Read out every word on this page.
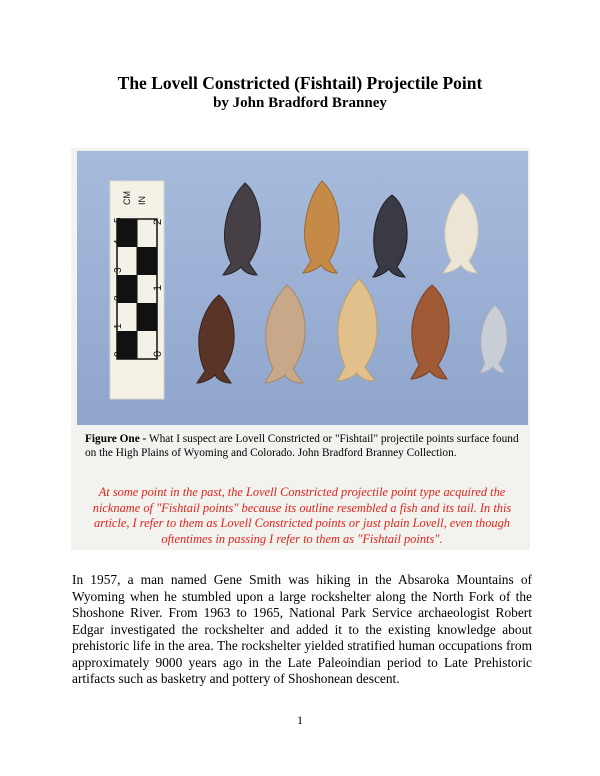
The Lovell Constricted (Fishtail) Projectile Point
by John Bradford Branney
CM IN
0
1
2
3
4
5
0
1
2
Figure One - What I suspect are Lovell Constricted or "Fishtail" projectile points surface found on the High Plains of Wyoming and Colorado. John Bradford Branney Collection.
At some point in the past, the Lovell Constricted projectile point type acquired the nickname of "Fishtail points" because its outline resembled a fish and its tail. In this article, I refer to them as Lovell Constricted points or just plain Lovell, even though oftentimes in passing I refer to them as "Fishtail points".
In 1957, a man named Gene Smith was hiking in the Absaroka Mountains of Wyoming when he stumbled upon a large rockshelter along the North Fork of the Shoshone River. From 1963 to 1965, National Park Service archaeologist Robert Edgar investigated the rockshelter and added it to the existing knowledge about prehistoric life in the area. The rockshelter yielded stratified human occupations from approximately 9000 years ago in the Late Paleoindian period to Late Prehistoric artifacts such as basketry and pottery of Shoshonean descent.
1
